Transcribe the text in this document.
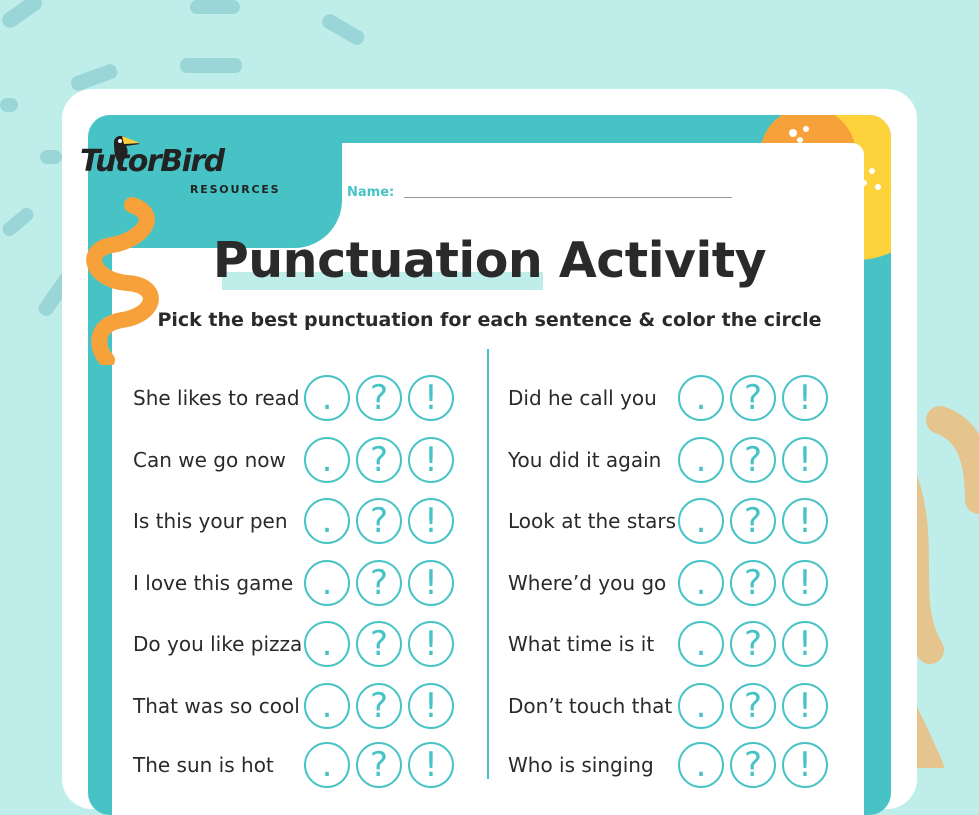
TutorBird
RESOURCES	Name:
Punctuation Activity
Pick the best punctuation for each sentence & color the circle
She likes to read .	?	!
Can we go now	.	?	!
Is this your pen	.	?	!
I love this game .	?	!
Do you like pizza .	?	!
That was so cool .	?	!
The sun is hot	.	?	!
Did he call you	.	?	!
You did it again	.	?	!
Look at the stars .	?	!
Where’d you go .	?	!
What time is it	.	?	!
Don’t touch that .	?	!
Who is singing	.	?	!
